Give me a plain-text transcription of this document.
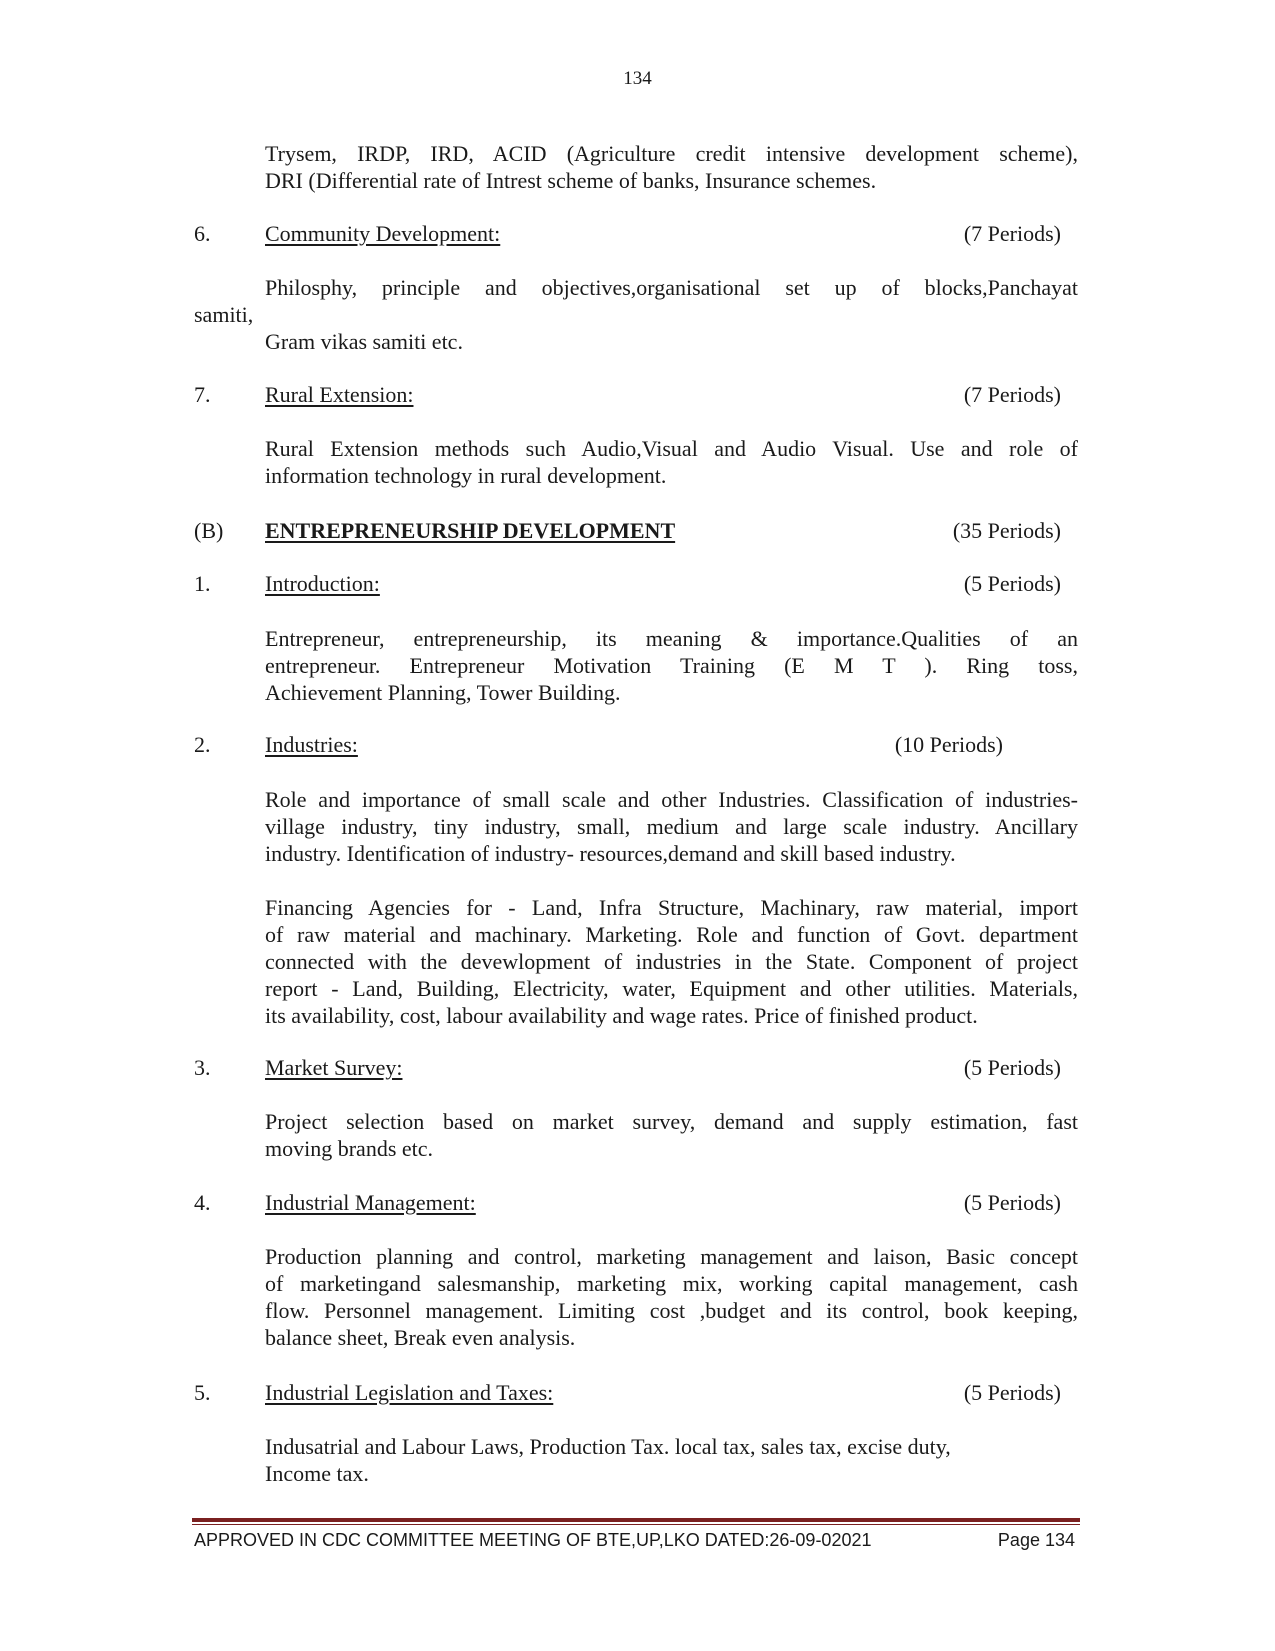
134
Trysem, IRDP, IRD, ACID (Agriculture credit intensive development scheme),
DRI (Differential rate of Intrest scheme of banks, Insurance schemes.
6. Community Development:	(7 Periods)
Philosphy, principle and objectives,organisational set up of blocks,Panchayat
samiti,
Gram vikas samiti etc.
7. Rural Extension:	(7 Periods)
Rural Extension methods such Audio,Visual and Audio Visual. Use and role of
information technology in rural development.
(B) ENTREPRENEURSHIP DEVELOPMENT	(35 Periods)
1. Introduction:	(5 Periods)
Entrepreneur, entrepreneurship, its meaning & importance.Qualities of an
entrepreneur. Entrepreneur Motivation Training (E M T ). Ring toss,
Achievement Planning, Tower Building.
2. Industries:	(10 Periods)
Role and importance of small scale and other Industries. Classification of industries-
village industry, tiny industry, small, medium and large scale industry. Ancillary
industry. Identification of industry- resources,demand and skill based industry.
Financing Agencies for - Land, Infra Structure, Machinary, raw material, import
of raw material and machinary. Marketing. Role and function of Govt. department
connected with the devewlopment of industries in the State. Component of project
report - Land, Building, Electricity, water, Equipment and other utilities. Materials,
its availability, cost, labour availability and wage rates. Price of finished product.
3. Market Survey:	(5 Periods)
Project selection based on market survey, demand and supply estimation, fast
moving brands etc.
4. Industrial Management:	(5 Periods)
Production planning and control, marketing management and laison, Basic concept
of marketingand salesmanship, marketing mix, working capital management, cash
flow. Personnel management. Limiting cost ,budget and its control, book keeping,
balance sheet, Break even analysis.
5. Industrial Legislation and Taxes:	(5 Periods)
Indusatrial and Labour Laws, Production Tax. local tax, sales tax, excise duty,
Income tax.
APPROVED IN CDC COMMITTEE MEETING OF BTE,UP,LKO DATED:26-09-02021	Page 134
